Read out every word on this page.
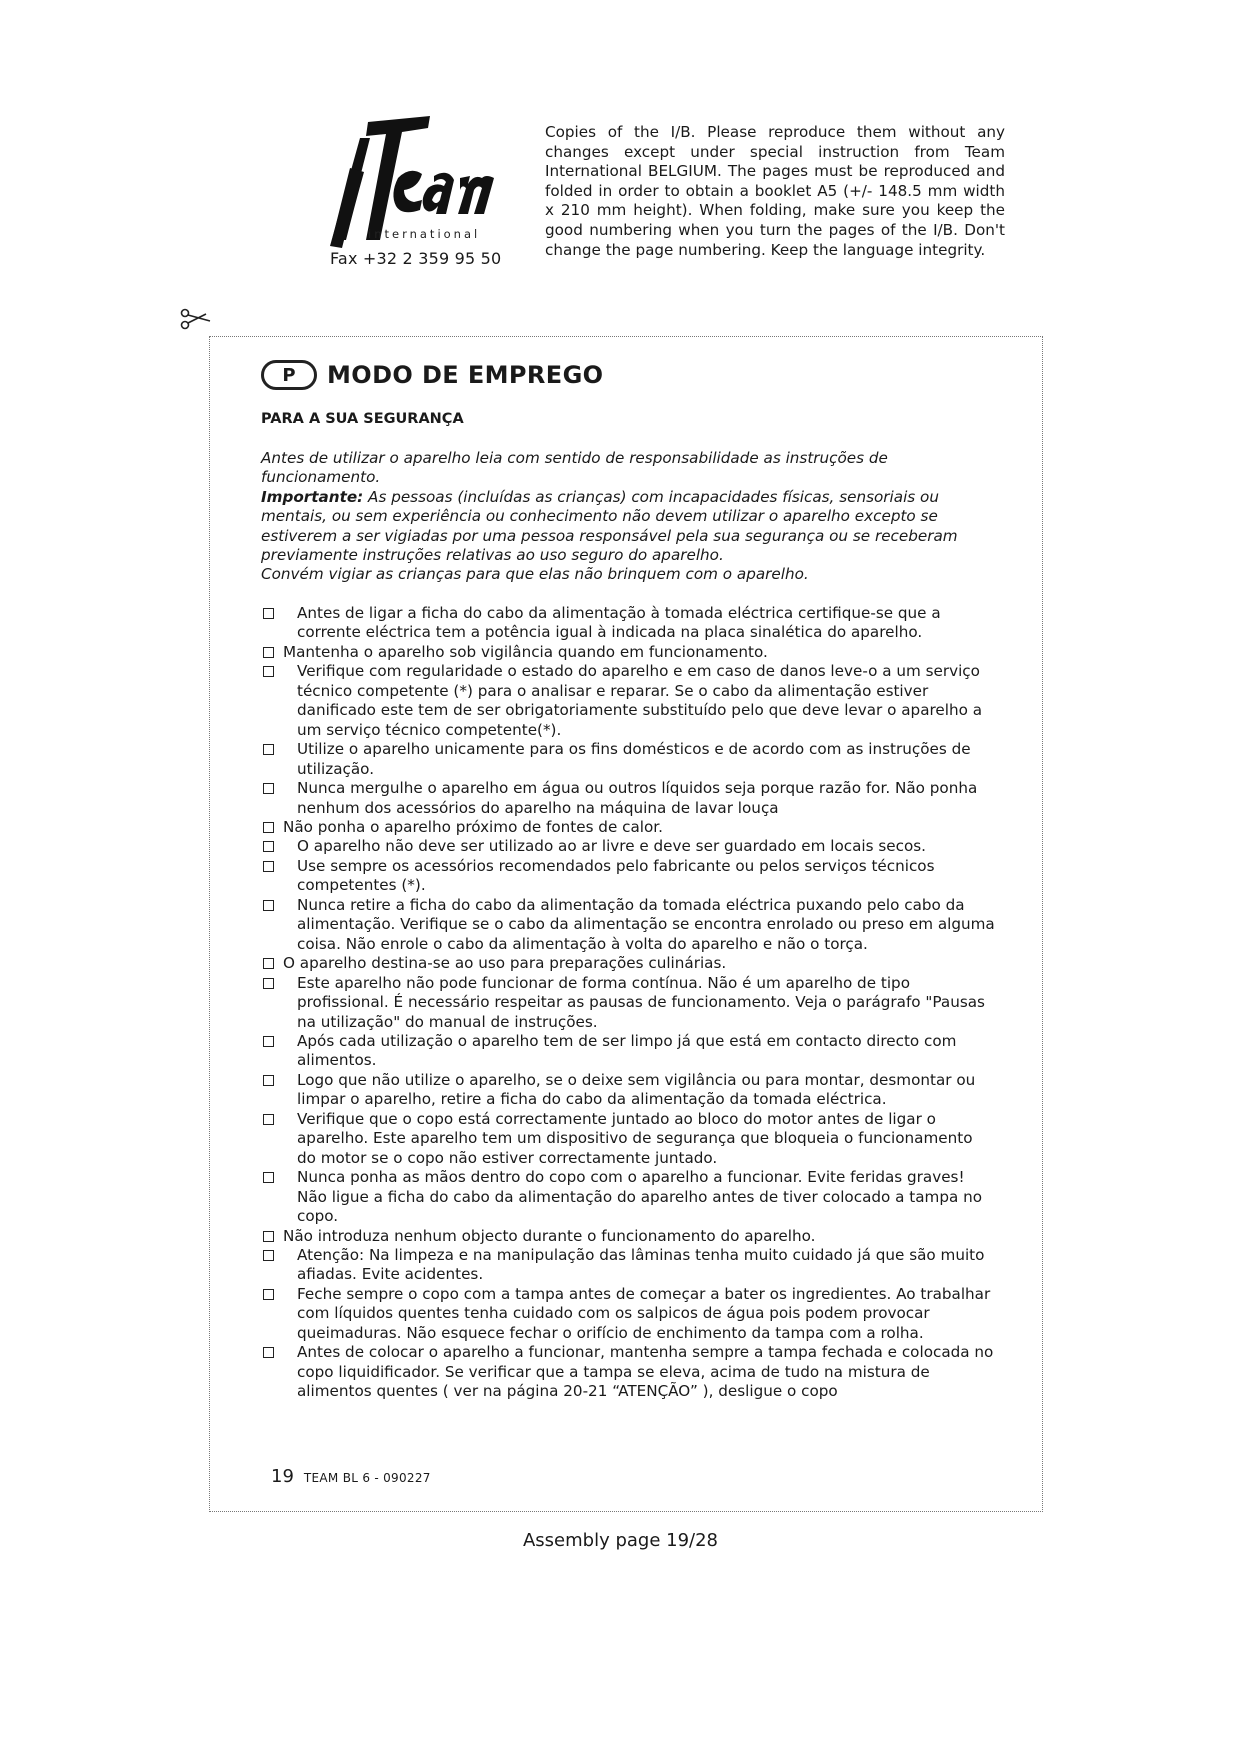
international
Fax +32 2 359 95 50
Copies of the I/B. Please reproduce them without any changes except under special instruction from Team International BELGIUM. The pages must be reproduced and folded in order to obtain a booklet A5 (+/- 148.5 mm width x 210 mm height). When folding, make sure you keep the good numbering when you turn the pages of the I/B. Don't change the page numbering. Keep the language integrity.
P	MODO DE EMPREGO
PARA A SUA SEGURANÇA

Antes de utilizar o aparelho leia com sentido de responsabilidade as instruções de funcionamento.

Importante: As pessoas (incluídas as crianças) com incapacidades físicas, sensoriais ou mentais, ou sem experiência ou conhecimento não devem utilizar o aparelho excepto se estiverem a ser vigiadas por uma pessoa responsável pela sua segurança ou se receberam previamente instruções relativas ao uso seguro do aparelho.

Convém vigiar as crianças para que elas não brinquem com o aparelho.

Antes de ligar a ficha do cabo da alimentação à tomada eléctrica certifique-se que a corrente eléctrica tem a potência igual à indicada na placa sinalética do aparelho.
Mantenha o aparelho sob vigilância quando em funcionamento.
Verifique com regularidade o estado do aparelho e em caso de danos leve-o a um serviço técnico competente (*) para o analisar e reparar. Se o cabo da alimentação estiver danificado este tem de ser obrigatoriamente substituído pelo que deve levar o aparelho a um serviço técnico competente(*).
Utilize o aparelho unicamente para os fins domésticos e de acordo com as instruções de utilização.
Nunca mergulhe o aparelho em água ou outros líquidos seja porque razão for. Não ponha nenhum dos acessórios do aparelho na máquina de lavar louça
Não ponha o aparelho próximo de fontes de calor.
O aparelho não deve ser utilizado ao ar livre e deve ser guardado em locais secos.
Use sempre os acessórios recomendados pelo fabricante ou pelos serviços técnicos competentes (*).
Nunca retire a ficha do cabo da alimentação da tomada eléctrica puxando pelo cabo da alimentação. Verifique se o cabo da alimentação se encontra enrolado ou preso em alguma coisa. Não enrole o cabo da alimentação à volta do aparelho e não o torça.
O aparelho destina-se ao uso para preparações culinárias.
Este aparelho não pode funcionar de forma contínua. Não é um aparelho de tipo profissional. É necessário respeitar as pausas de funcionamento. Veja o parágrafo "Pausas na utilização" do manual de instruções.
Após cada utilização o aparelho tem de ser limpo já que está em contacto directo com alimentos.
Logo que não utilize o aparelho, se o deixe sem vigilância ou para montar, desmontar ou limpar o aparelho, retire a ficha do cabo da alimentação da tomada eléctrica.
Verifique que o copo está correctamente juntado ao bloco do motor antes de ligar o aparelho. Este aparelho tem um dispositivo de segurança que bloqueia o funcionamento do motor se o copo não estiver correctamente juntado.
Nunca ponha as mãos dentro do copo com o aparelho a funcionar. Evite feridas graves! Não ligue a ficha do cabo da alimentação do aparelho antes de tiver colocado a tampa no copo.
Não introduza nenhum objecto durante o funcionamento do aparelho.
Atenção: Na limpeza e na manipulação das lâminas tenha muito cuidado já que são muito afiadas. Evite acidentes.
Feche sempre o copo com a tampa antes de começar a bater os ingredientes. Ao trabalhar com líquidos quentes tenha cuidado com os salpicos de água pois podem provocar queimaduras. Não esquece fechar o orifício de enchimento da tampa com a rolha.
Antes de colocar o aparelho a funcionar, mantenha sempre a tampa fechada e colocada no copo liquidificador. Se verificar que a tampa se eleva, acima de tudo na mistura de alimentos quentes ( ver na página 20-21 “ATENÇÃO” ), desligue o copo
19 TEAM BL 6 - 090227
Assembly page 19/28
